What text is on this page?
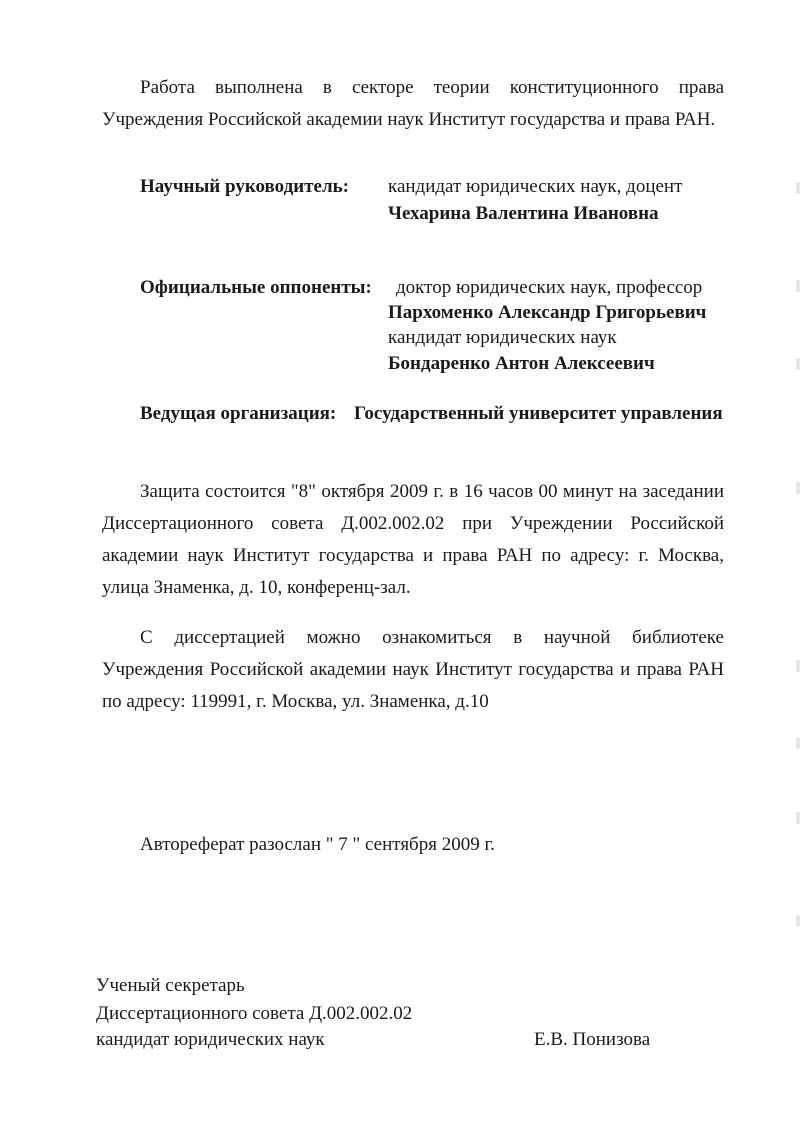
Работа выполнена в секторе теории конституционного права
Учреждения Российской академии наук Институт государства и права РАН.
Научный руководитель: кандидат юридических наук, доцент
Чехарина Валентина Ивановна
Официальные оппоненты: доктор юридических наук, профессор
Пархоменко Александр Григорьевич
кандидат юридических наук
Бондаренко Антон Алексеевич
Ведущая организация: Государственный университет управления
Защита состоится "8" октября 2009 г. в 16 часов 00 минут на заседании
Диссертационного совета Д.002.002.02 при Учреждении Российской
академии наук Институт государства и права РАН по адресу: г. Москва,
улица Знаменка, д. 10, конференц-зал.
С диссертацией можно ознакомиться в научной библиотеке
Учреждения Российской академии наук Институт государства и права РАН
по адресу: 119991, г. Москва, ул. Знаменка, д.10
Автореферат разослан " 7 " сентября 2009 г.
Ученый секретарь
Диссертационного совета Д.002.002.02
кандидат юридических наук	Е.В. Понизова
